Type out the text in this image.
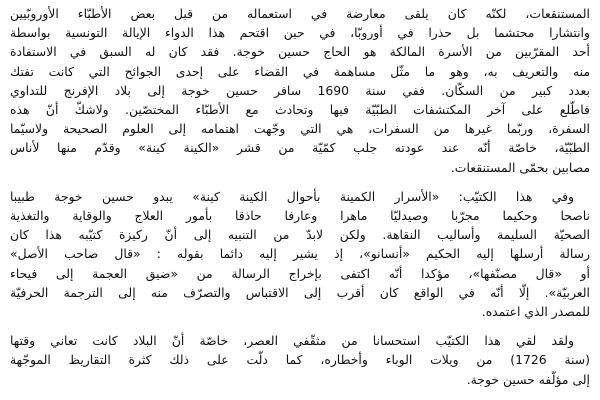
المستنقعات، لكنّه كان يلقى معارضة في استعماله من قبل بعض الأطبّاء الأوروبّيين
وانتشارا محتشما بل حذرا في أوروبّا، في حين اقتحم هذا الدواء الإيالة التونسية بواسطة
أحد المقرّبين من الأسرة المالكة هو الحاج حسين خوجة. فقد كان له السبق في الاستفادة
منه والتعريف به، وهو ما مثّل مساهمة في القضاء على إحدى الجوائح التي كانت تفتك
بعدد كبير من السكّان. ففي سنة 1690 سافر حسين خوجة إلى بلاد الإفرنج للتداوي
فاطّلع على آخر المكتشفات الطبّيّة فيها وتحادث مع الأطبّاء المختصّين. ولاشكّ أنّ هذه
السفرة، وربّما غيرها من السفرات، هي التي وجّهت اهتمامه إلى العلوم الصحيحة ولاسيّما
الطبّيّة، خاصّة أنّه عند عودته جلب كمّيّة من قشر «الكينة كينة» وقدّم منها لأناس
مصابين بحمّى المستنقعات.
وفي هذا الكتيّب: «الأسرار الكمينة بأحوال الكينة كينة» يبدو حسين خوجة طبيبا
ناصحا وحكيما مجرّبا وصيدليّا ماهرا وعارفا حاذقا بأمور العلاج والوقاية والتغذية
الصحيّة السليمة وأساليب النقاهة. ولكن لابدّ من التنبيه إلى أنّ ركيزة كتيّبه هذا كان
رسالة أرسلها إليه الحكيم «أنسانو»، إذ يشير إليه دائما بقوله : «قال صاحب الأصل»
أو «قال مصنّفها»، مؤكدا أنّه اكتفى بإخراج الرسالة من «ضيق العجمة إلى فيحاء
العربيّة». إلّا أنّه في الواقع كان أقرب إلى الاقتباس والتصرّف منه إلى الترجمة الحرفيّة
للمصدر الذي اعتمده.
ولقد لقي هذا الكتيّب استحسانا من مثقّفي العصر، خاصّة أنّ البلاد كانت تعاني وقتها
(سنة 1726) من ويلات الوباء وأخطاره، كما دلّت على ذلك كثرة التقاريظ الموجّهة
إلى مؤلّفه حسين خوجة.
